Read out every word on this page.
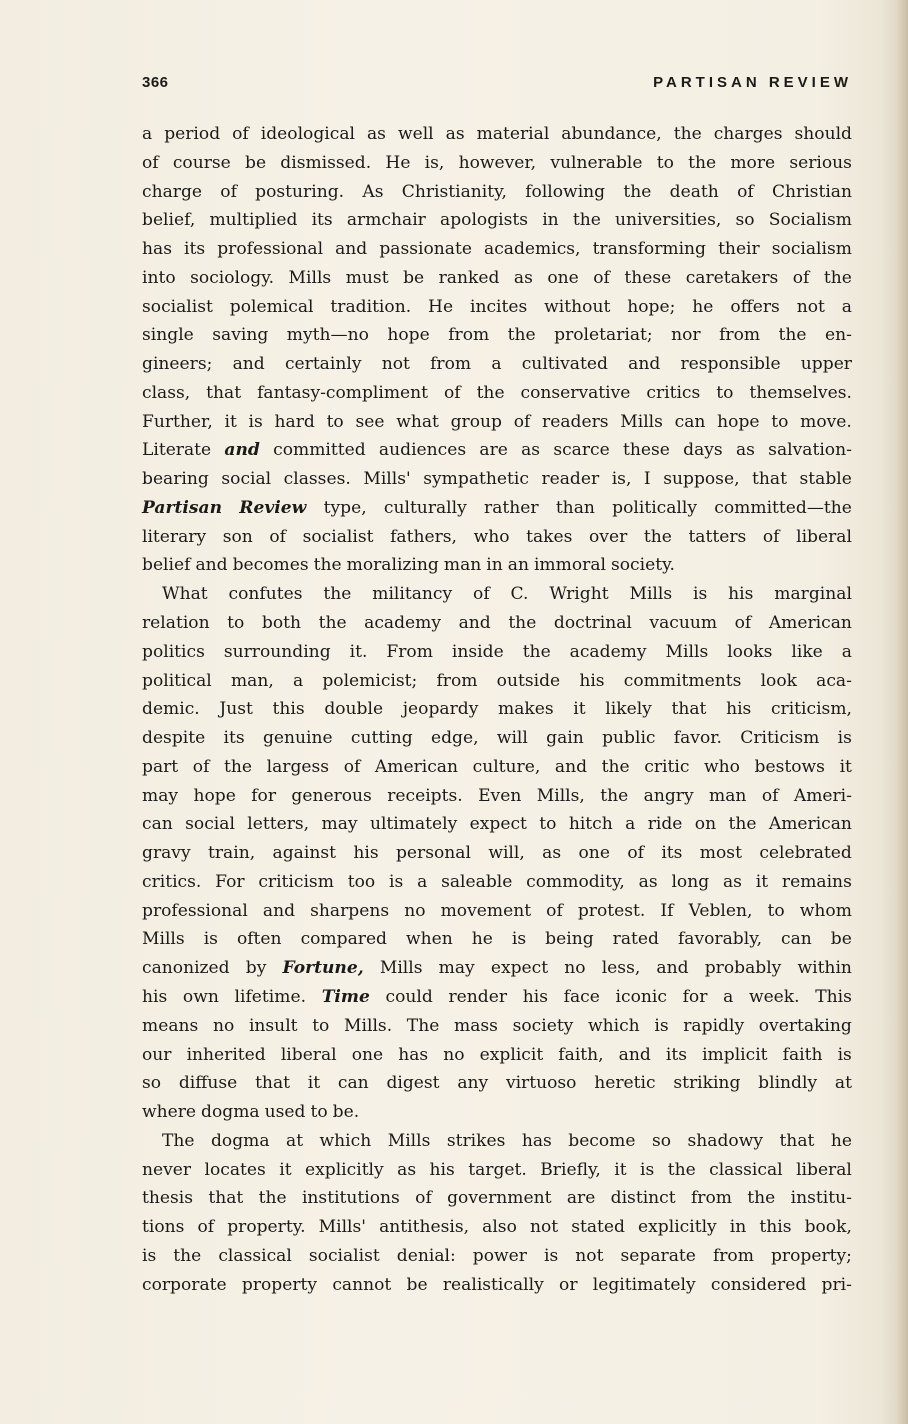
366	PARTISAN REVIEW
a period of ideological as well as material abundance, the charges should
of course be dismissed. He is, however, vulnerable to the more serious
charge of posturing. As Christianity, following the death of Christian
belief, multiplied its armchair apologists in the universities, so Socialism
has its professional and passionate academics, transforming their socialism
into sociology. Mills must be ranked as one of these caretakers of the
socialist polemical tradition. He incites without hope; he offers not a
single saving myth—no hope from the proletariat; nor from the en-
gineers; and certainly not from a cultivated and responsible upper
class, that fantasy-compliment of the conservative critics to themselves.
Further, it is hard to see what group of readers Mills can hope to move.
Literate and committed audiences are as scarce these days as salvation-
bearing social classes. Mills' sympathetic reader is, I suppose, that stable
Partisan Review type, culturally rather than politically committed—the
literary son of socialist fathers, who takes over the tatters of liberal
belief and becomes the moralizing man in an immoral society.
What confutes the militancy of C. Wright Mills is his marginal
relation to both the academy and the doctrinal vacuum of American
politics surrounding it. From inside the academy Mills looks like a
political man, a polemicist; from outside his commitments look aca-
demic. Just this double jeopardy makes it likely that his criticism,
despite its genuine cutting edge, will gain public favor. Criticism is
part of the largess of American culture, and the critic who bestows it
may hope for generous receipts. Even Mills, the angry man of Ameri-
can social letters, may ultimately expect to hitch a ride on the American
gravy train, against his personal will, as one of its most celebrated
critics. For criticism too is a saleable commodity, as long as it remains
professional and sharpens no movement of protest. If Veblen, to whom
Mills is often compared when he is being rated favorably, can be
canonized by Fortune, Mills may expect no less, and probably within
his own lifetime. Time could render his face iconic for a week. This
means no insult to Mills. The mass society which is rapidly overtaking
our inherited liberal one has no explicit faith, and its implicit faith is
so diffuse that it can digest any virtuoso heretic striking blindly at
where dogma used to be.
The dogma at which Mills strikes has become so shadowy that he
never locates it explicitly as his target. Briefly, it is the classical liberal
thesis that the institutions of government are distinct from the institu-
tions of property. Mills' antithesis, also not stated explicitly in this book,
is the classical socialist denial: power is not separate from property;
corporate property cannot be realistically or legitimately considered pri-
